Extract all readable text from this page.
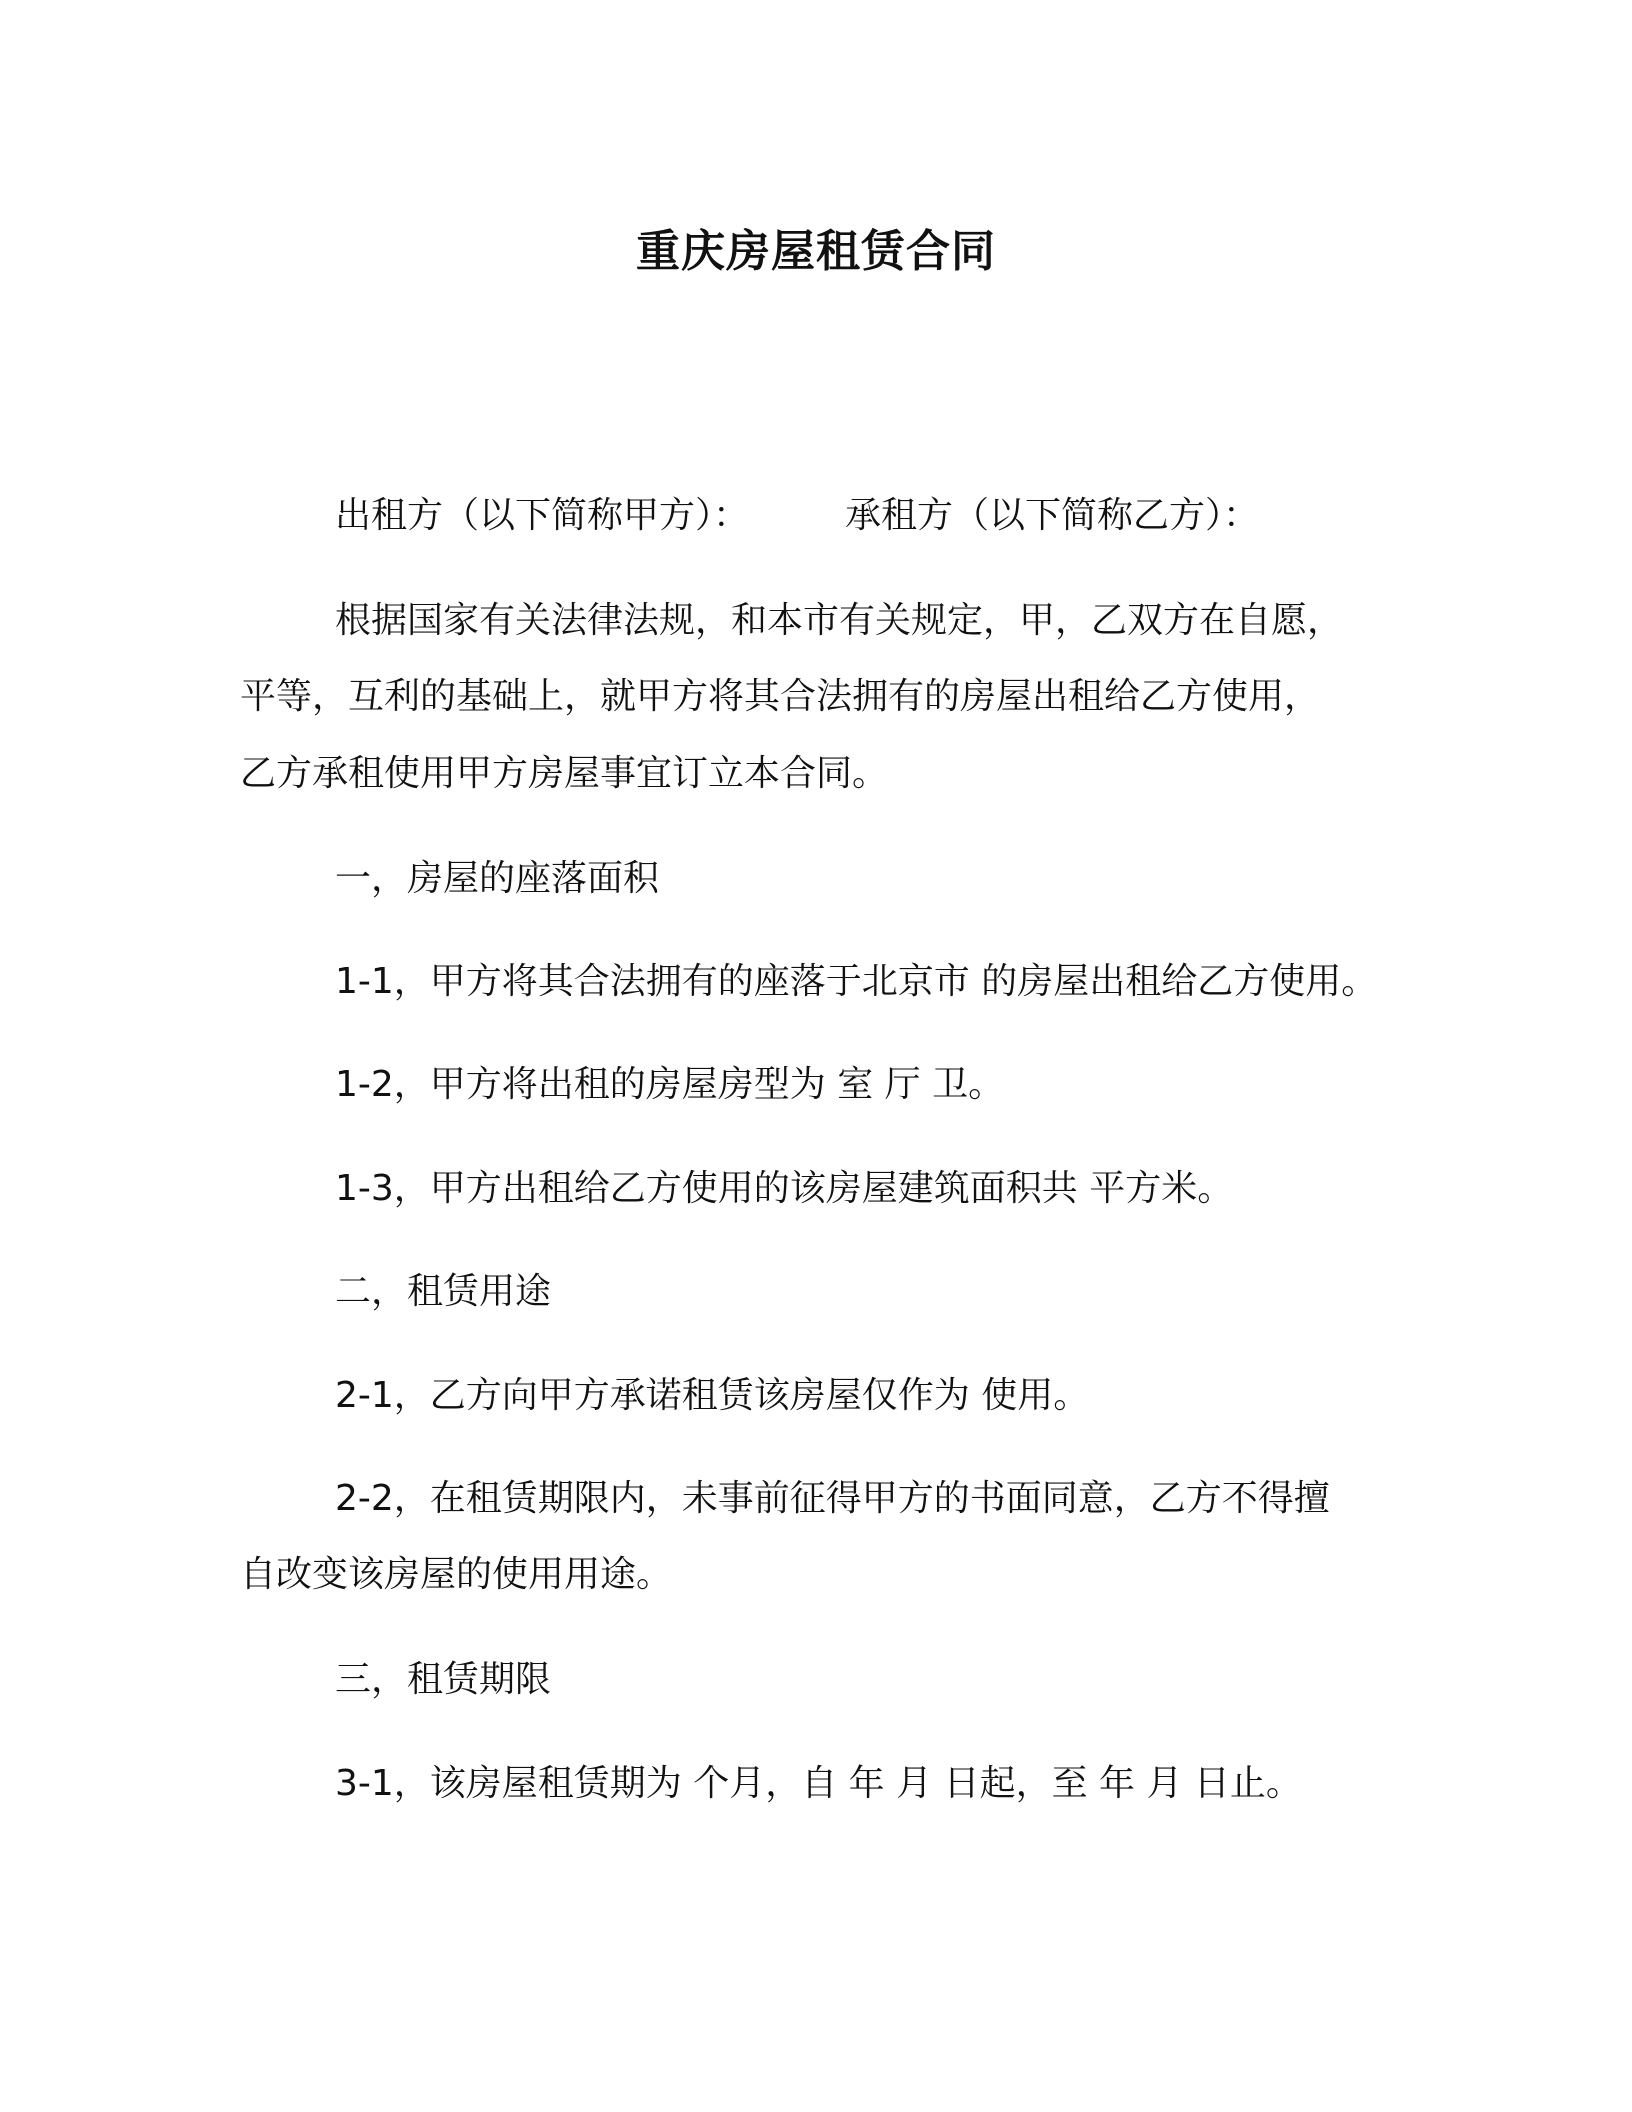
重庆房屋租赁合同
出租方（以下简称甲方）：	承租方（以下简称乙方）：
根据国家有关法律法规，和本市有关规定，甲，乙双方在自愿，
平等，互利的基础上，就甲方将其合法拥有的房屋出租给乙方使用，
乙方承租使用甲方房屋事宜订立本合同。
一，房屋的座落面积
1-1，甲方将其合法拥有的座落于北京市 的房屋出租给乙方使用。
1-2，甲方将出租的房屋房型为 室 厅 卫。
1-3，甲方出租给乙方使用的该房屋建筑面积共 平方米。
二，租赁用途
2-1，乙方向甲方承诺租赁该房屋仅作为 使用。
2-2，在租赁期限内，未事前征得甲方的书面同意，乙方不得擅
自改变该房屋的使用用途。
三，租赁期限
3-1，该房屋租赁期为 个月，自 年 月 日起，至 年 月 日止。
